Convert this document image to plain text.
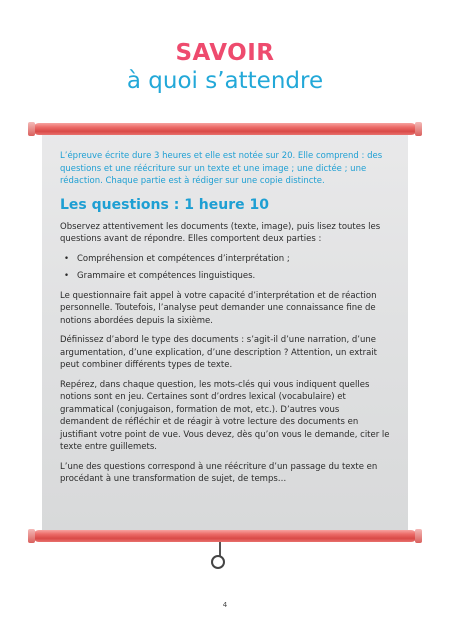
SAVOIR
à quoi s’attendre

L’épreuve écrite dure 3 heures et elle est notée sur 20. Elle comprend : des questions et une réécriture sur un texte et une image ; une dictée ; une rédaction. Chaque partie est à rédiger sur une copie distincte.

Les questions : 1 heure 10

Observez attentivement les documents (texte, image), puis lisez toutes les questions avant de répondre. Elles comportent deux parties :

• Compréhension et compétences d’interprétation ;
• Grammaire et compétences linguistiques.

Le questionnaire fait appel à votre capacité d’interprétation et de réaction personnelle. Toutefois, l’analyse peut demander une connaissance fine de notions abordées depuis la sixième.

Définissez d’abord le type des documents : s’agit-il d’une narration, d’une argumentation, d’une explication, d’une description ? Attention, un extrait peut combiner différents types de texte.

Repérez, dans chaque question, les mots-clés qui vous indiquent quelles notions sont en jeu. Certaines sont d’ordres lexical (vocabulaire) et grammatical (conjugaison, formation de mot, etc.). D’autres vous demandent de réfléchir et de réagir à votre lecture des documents en justifiant votre point de vue. Vous devez, dès qu’on vous le demande, citer le texte entre guillemets.

L’une des questions correspond à une réécriture d’un passage du texte en procédant à une transformation de sujet, de temps…

4
